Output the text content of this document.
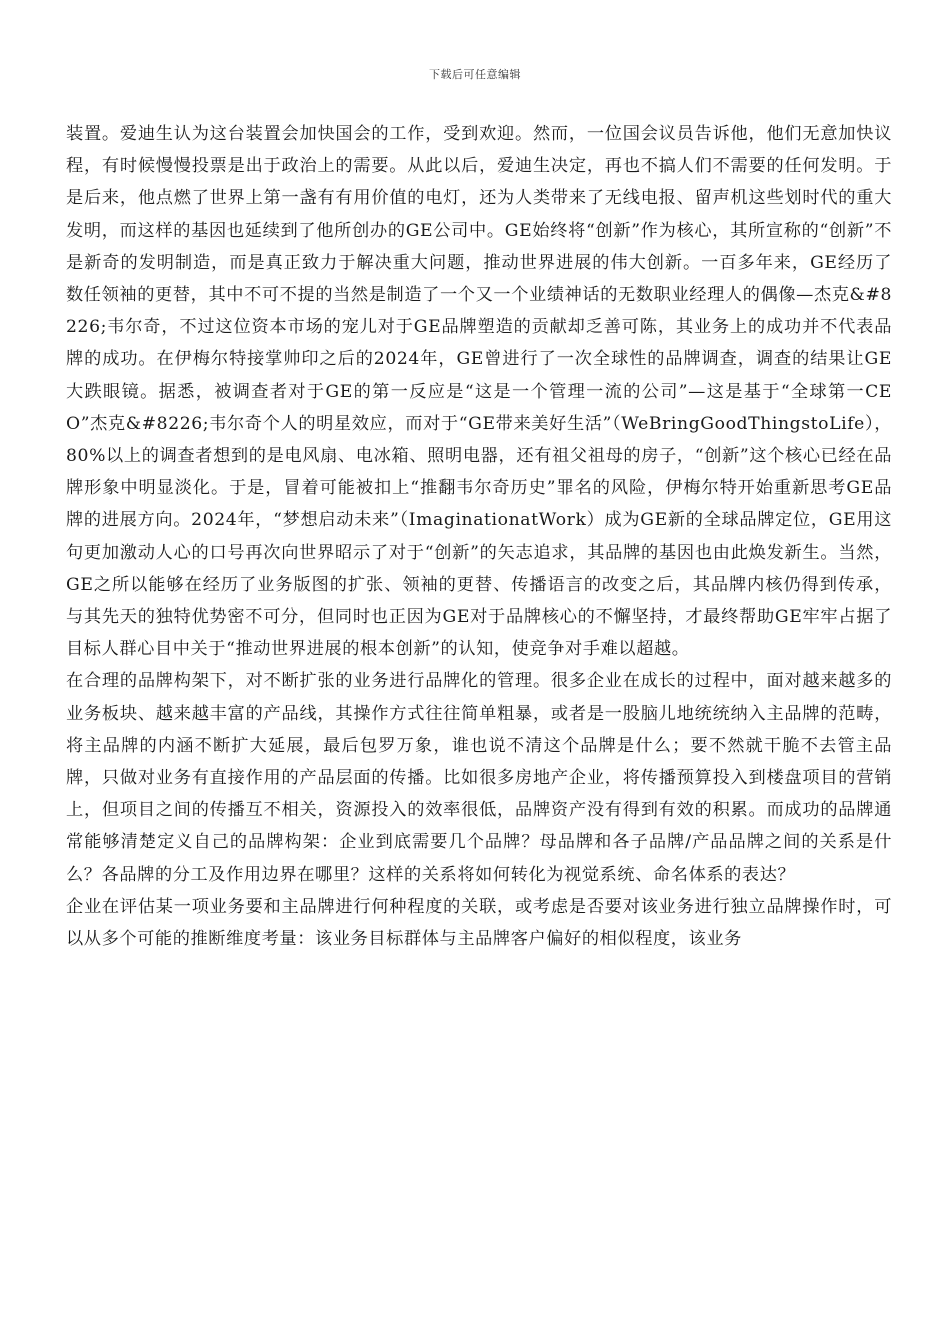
下载后可任意编辑

装置。爱迪生认为这台装置会加快国会的工作，受到欢迎。然而，一位国会议员告诉他，他们无意加快议程，有时候慢慢投票是出于政治上的需要。从此以后，爱迪生决定，再也不搞人们不需要的任何发明。于是后来，他点燃了世界上第一盏有有用价值的电灯，还为人类带来了无线电报、留声机这些划时代的重大发明，而这样的基因也延续到了他所创办的GE公司中。GE始终将“创新”作为核心，其所宣称的“创新”不是新奇的发明制造，而是真正致力于解决重大问题，推动世界进展的伟大创新。一百多年来，GE经历了数任领袖的更替，其中不可不提的当然是制造了一个又一个业绩神话的无数职业经理人的偶像—杰克&#8226;韦尔奇，不过这位资本市场的宠儿对于GE品牌塑造的贡献却乏善可陈，其业务上的成功并不代表品牌的成功。在伊梅尔特接掌帅印之后的2024年，GE曾进行了一次全球性的品牌调查，调查的结果让GE大跌眼镜。据悉，被调查者对于GE的第一反应是“这是一个管理一流的公司”—这是基于“全球第一CEO”杰克&#8226;韦尔奇个人的明星效应，而对于“GE带来美好生活”（WeBringGoodThingstoLife），80%以上的调查者想到的是电风扇、电冰箱、照明电器，还有祖父祖母的房子，“创新”这个核心已经在品牌形象中明显淡化。于是，冒着可能被扣上“推翻韦尔奇历史”罪名的风险，伊梅尔特开始重新思考GE品牌的进展方向。2024年，“梦想启动未来”（ImaginationatWork）成为GE新的全球品牌定位，GE用这句更加激动人心的口号再次向世界昭示了对于“创新”的矢志追求，其品牌的基因也由此焕发新生。当然，GE之所以能够在经历了业务版图的扩张、领袖的更替、传播语言的改变之后，其品牌内核仍得到传承，与其先天的独特优势密不可分，但同时也正因为GE对于品牌核心的不懈坚持，才最终帮助GE牢牢占据了目标人群心目中关于“推动世界进展的根本创新”的认知，使竞争对手难以超越。

在合理的品牌构架下，对不断扩张的业务进行品牌化的管理。很多企业在成长的过程中，面对越来越多的业务板块、越来越丰富的产品线，其操作方式往往简单粗暴，或者是一股脑儿地统统纳入主品牌的范畴，将主品牌的内涵不断扩大延展，最后包罗万象，谁也说不清这个品牌是什么；要不然就干脆不去管主品牌，只做对业务有直接作用的产品层面的传播。比如很多房地产企业，将传播预算投入到楼盘项目的营销上，但项目之间的传播互不相关，资源投入的效率很低，品牌资产没有得到有效的积累。而成功的品牌通常能够清楚定义自己的品牌构架：企业到底需要几个品牌？母品牌和各子品牌/产品品牌之间的关系是什么？各品牌的分工及作用边界在哪里？这样的关系将如何转化为视觉系统、命名体系的表达？

企业在评估某一项业务要和主品牌进行何种程度的关联，或考虑是否要对该业务进行独立品牌操作时，可以从多个可能的推断维度考量：该业务目标群体与主品牌客户偏好的相似程度，该业务
